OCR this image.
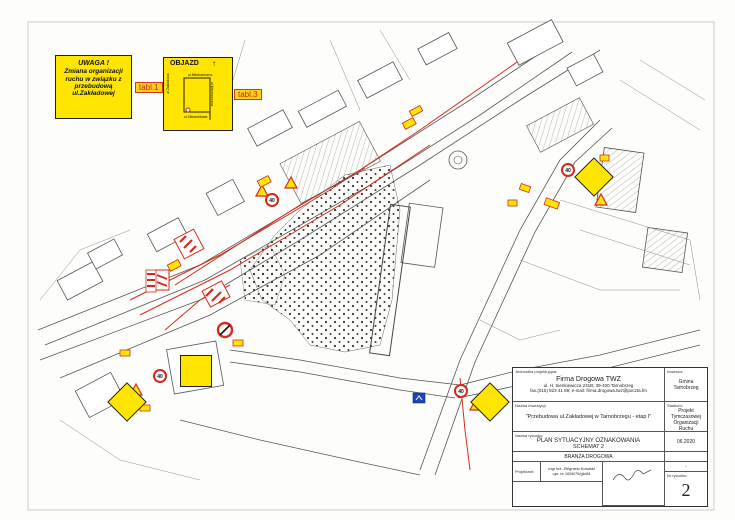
40
40
40
40
UWAGA !
Zmiana organizacji
ruchu w związku z
przebudową
ul.Zakładowej
tabl.1
tabl.3
OBJAZD ↑
ul.Mechaniczna
ul.Zakładowa
ul.Olbrachtowa
ul.Mechaniczna
Jednostka projektująca:
Firma Drogowa TWZ
ul. H. Sienkiewicza 231B; 39-400 Tarnobrzeg
fax.(015) 823 41 89; e-mail: firma.drogowa.twz@poczta.fm
Inwestor:
Gmina Tarnobrzeg
Nazwa inwestycji:
"Przebudowa ul.Zakładowej w Tarnobrzegu - etap I"
Stadium:
Projekt Tymczasowej Organizacji Ruchu
Nazwa rysunku:
PLAN SYTUACYJNY OZNAKOWANIA
SCHEMAT 2
06.2020
BRANŻA DROGOWA
Projektant:
mgr inż. Zbigniew Kotulski
upr. nr 1656/75/gb/84
-
Nr rysunku:
2
